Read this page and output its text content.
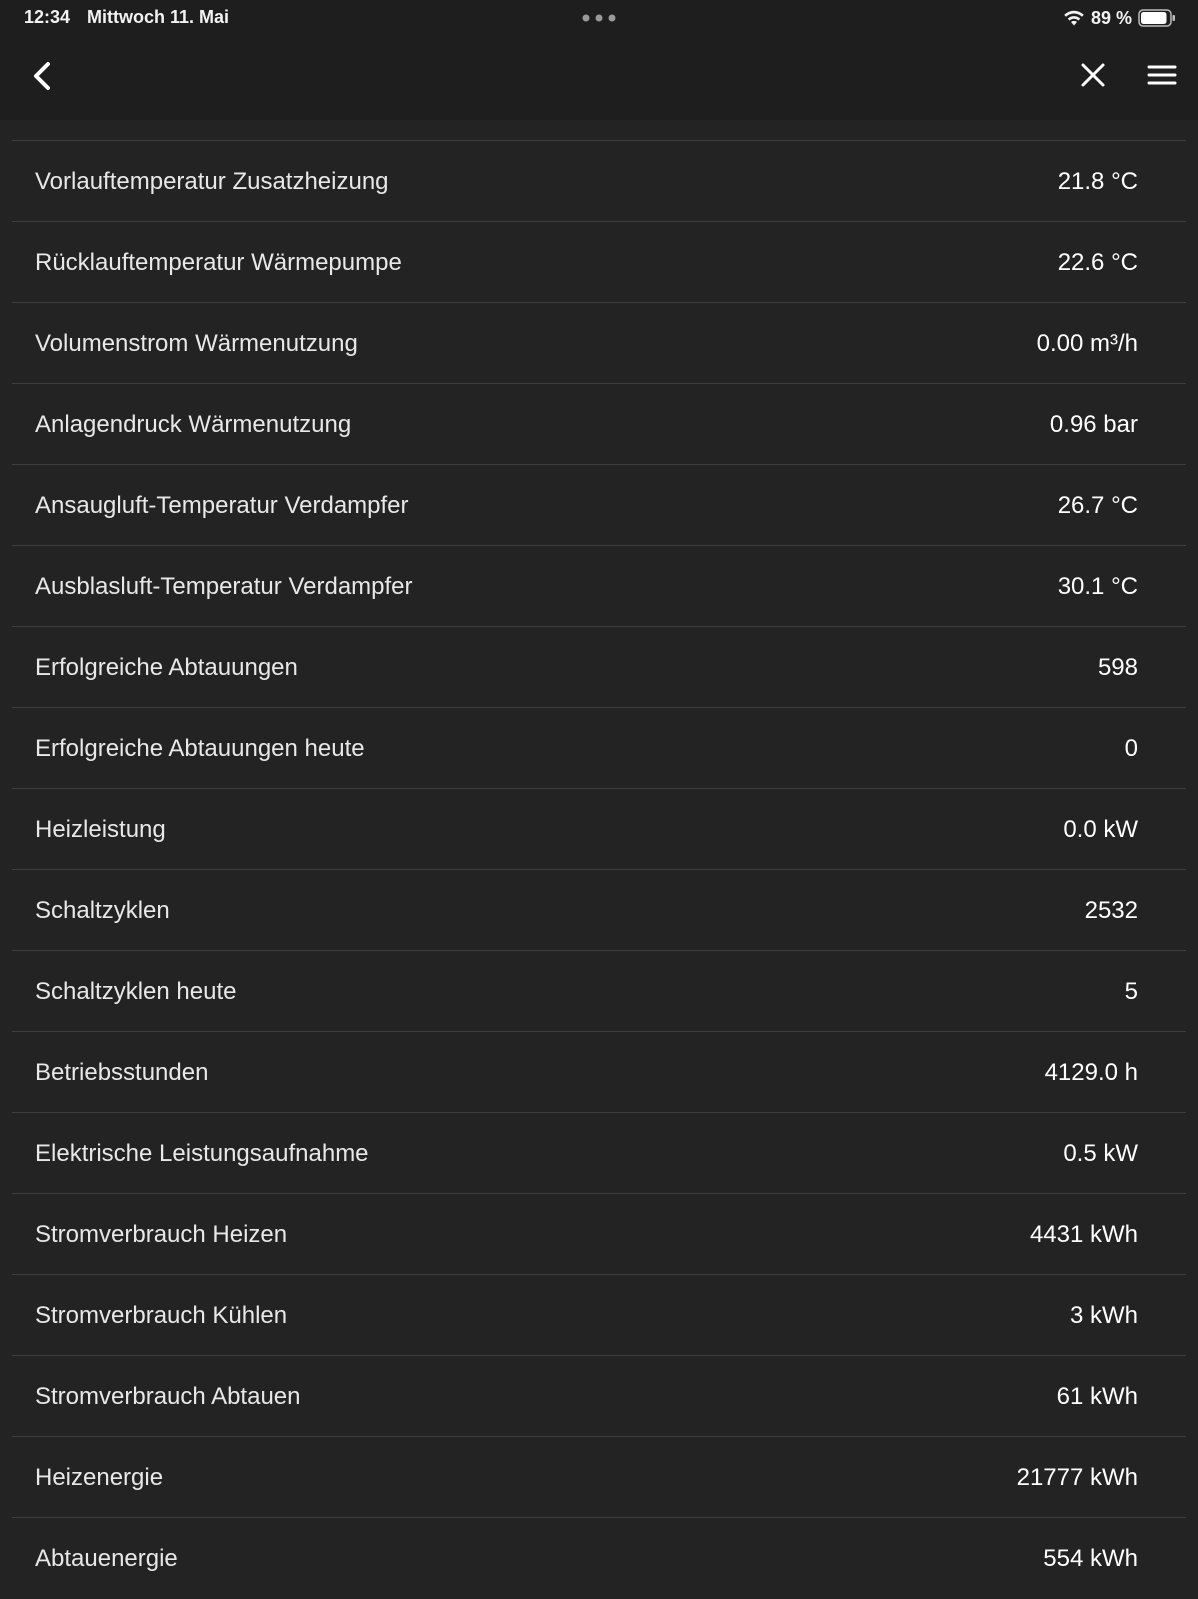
12:34 Mittwoch 11. Mai	89 %
Vorlauftemperatur Zusatzheizung	21.8 °C
Rücklauftemperatur Wärmepumpe	22.6 °C
Volumenstrom Wärmenutzung	0.00 m³/h
Anlagendruck Wärmenutzung	0.96 bar
Ansaugluft-Temperatur Verdampfer	26.7 °C
Ausblasluft-Temperatur Verdampfer	30.1 °C
Erfolgreiche Abtauungen	598
Erfolgreiche Abtauungen heute	0
Heizleistung	0.0 kW
Schaltzyklen	2532
Schaltzyklen heute	5
Betriebsstunden	4129.0 h
Elektrische Leistungsaufnahme	0.5 kW
Stromverbrauch Heizen	4431 kWh
Stromverbrauch Kühlen	3 kWh
Stromverbrauch Abtauen	61 kWh
Heizenergie	21777 kWh
Abtauenergie	554 kWh
